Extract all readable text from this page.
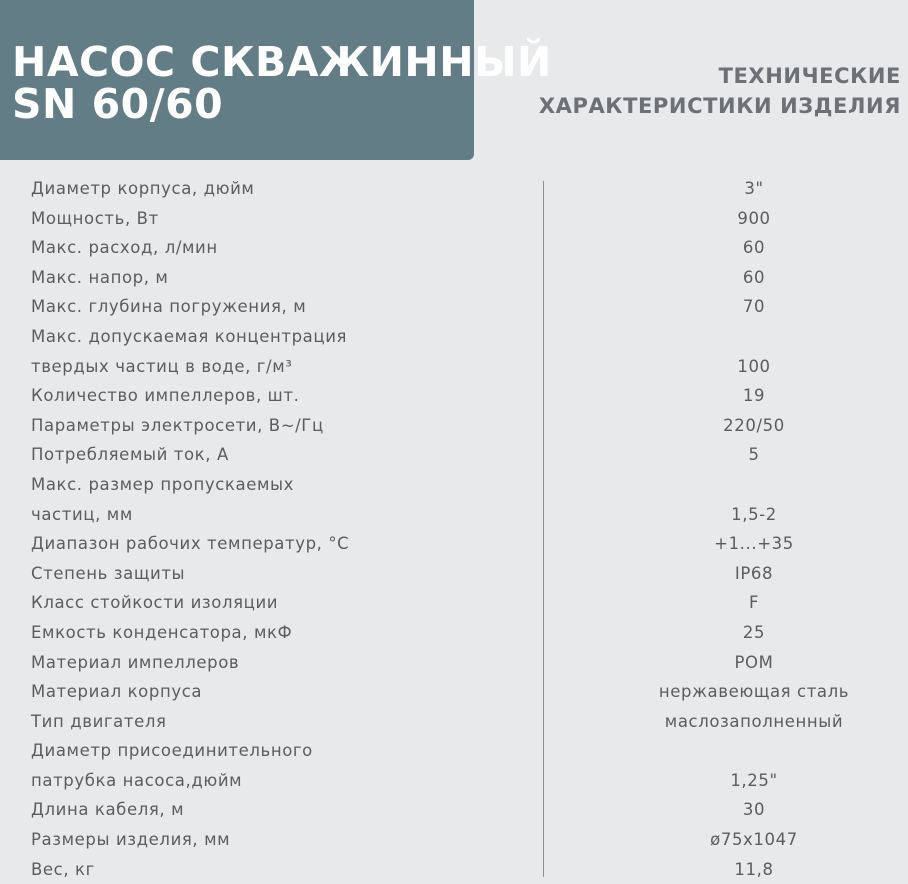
НАСОС СКВАЖИННЫЙ
SN 60/60
ТЕХНИЧЕСКИЕ
ХАРАКТЕРИСТИКИ ИЗДЕЛИЯ
Диаметр корпуса, дюйм	3"
Мощность, Вт	900
Макс. расход, л/мин	60
Макс. напор, м	60
Макс. глубина погружения, м	70
Макс. допускаемая концентрация
твердых частиц в воде, г/м³	100
Количество импеллеров, шт.	19
Параметры электросети, В~/Гц	220/50
Потребляемый ток, А	5
Макс. размер пропускаемых
частиц, мм	1,5-2
Диапазон рабочих температур, °С	+1...+35
Степень защиты	IP68
Класс стойкости изоляции	F
Емкость конденсатора, мкФ	25
Материал импеллеров	POM
Материал корпуса	нержавеющая сталь
Тип двигателя	маслозаполненный
Диаметр присоединительного
патрубка насоса,дюйм	1,25"
Длина кабеля, м	30
Размеры изделия, мм	ø75x1047
Вес, кг	11,8
